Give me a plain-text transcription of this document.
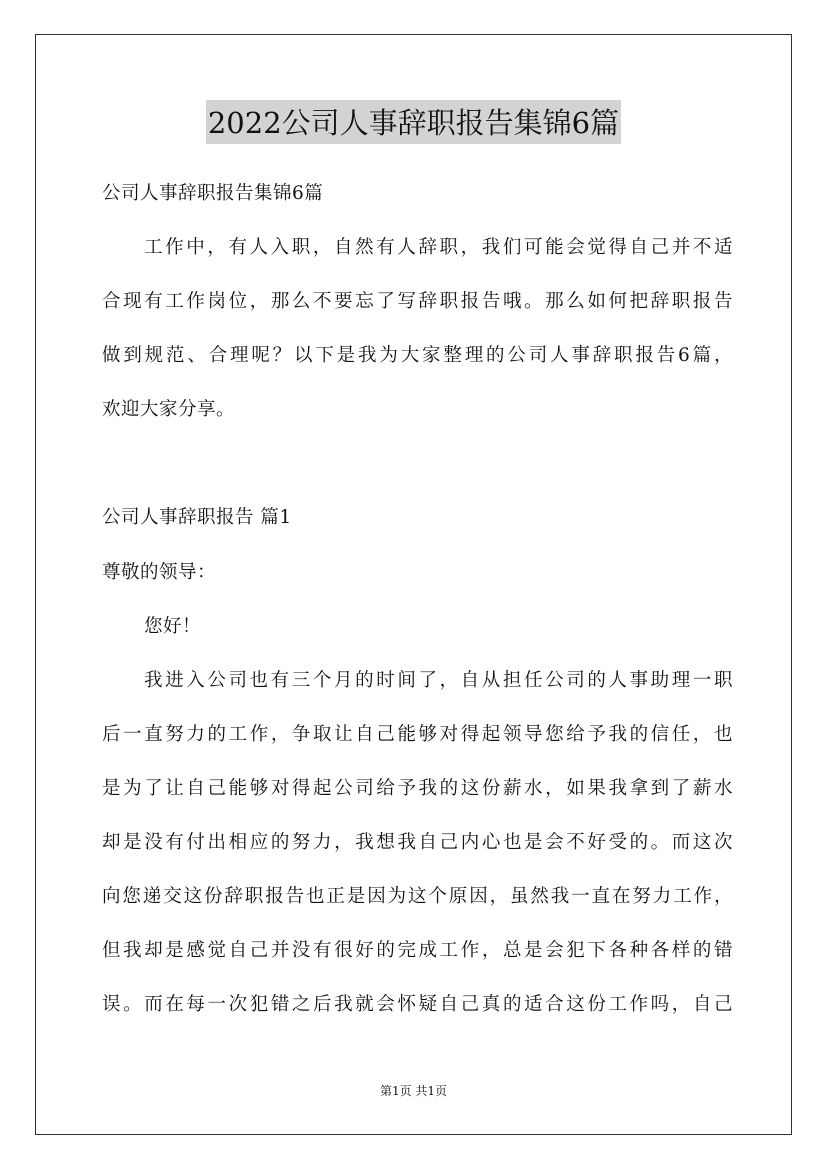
2022公司人事辞职报告集锦6篇
公司人事辞职报告集锦6篇
工作中，有人入职，自然有人辞职，我们可能会觉得自己并不适
合现有工作岗位，那么不要忘了写辞职报告哦。那么如何把辞职报告
做到规范、合理呢？以下是我为大家整理的公司人事辞职报告6篇，
欢迎大家分享。
公司人事辞职报告 篇1
尊敬的领导：
您好！
我进入公司也有三个月的时间了，自从担任公司的人事助理一职
后一直努力的工作，争取让自己能够对得起领导您给予我的信任，也
是为了让自己能够对得起公司给予我的这份薪水，如果我拿到了薪水
却是没有付出相应的努力，我想我自己内心也是会不好受的。而这次
向您递交这份辞职报告也正是因为这个原因，虽然我一直在努力工作，
但我却是感觉自己并没有很好的完成工作，总是会犯下各种各样的错
误。而在每一次犯错之后我就会怀疑自己真的适合这份工作吗，自己
第1页 共1页
